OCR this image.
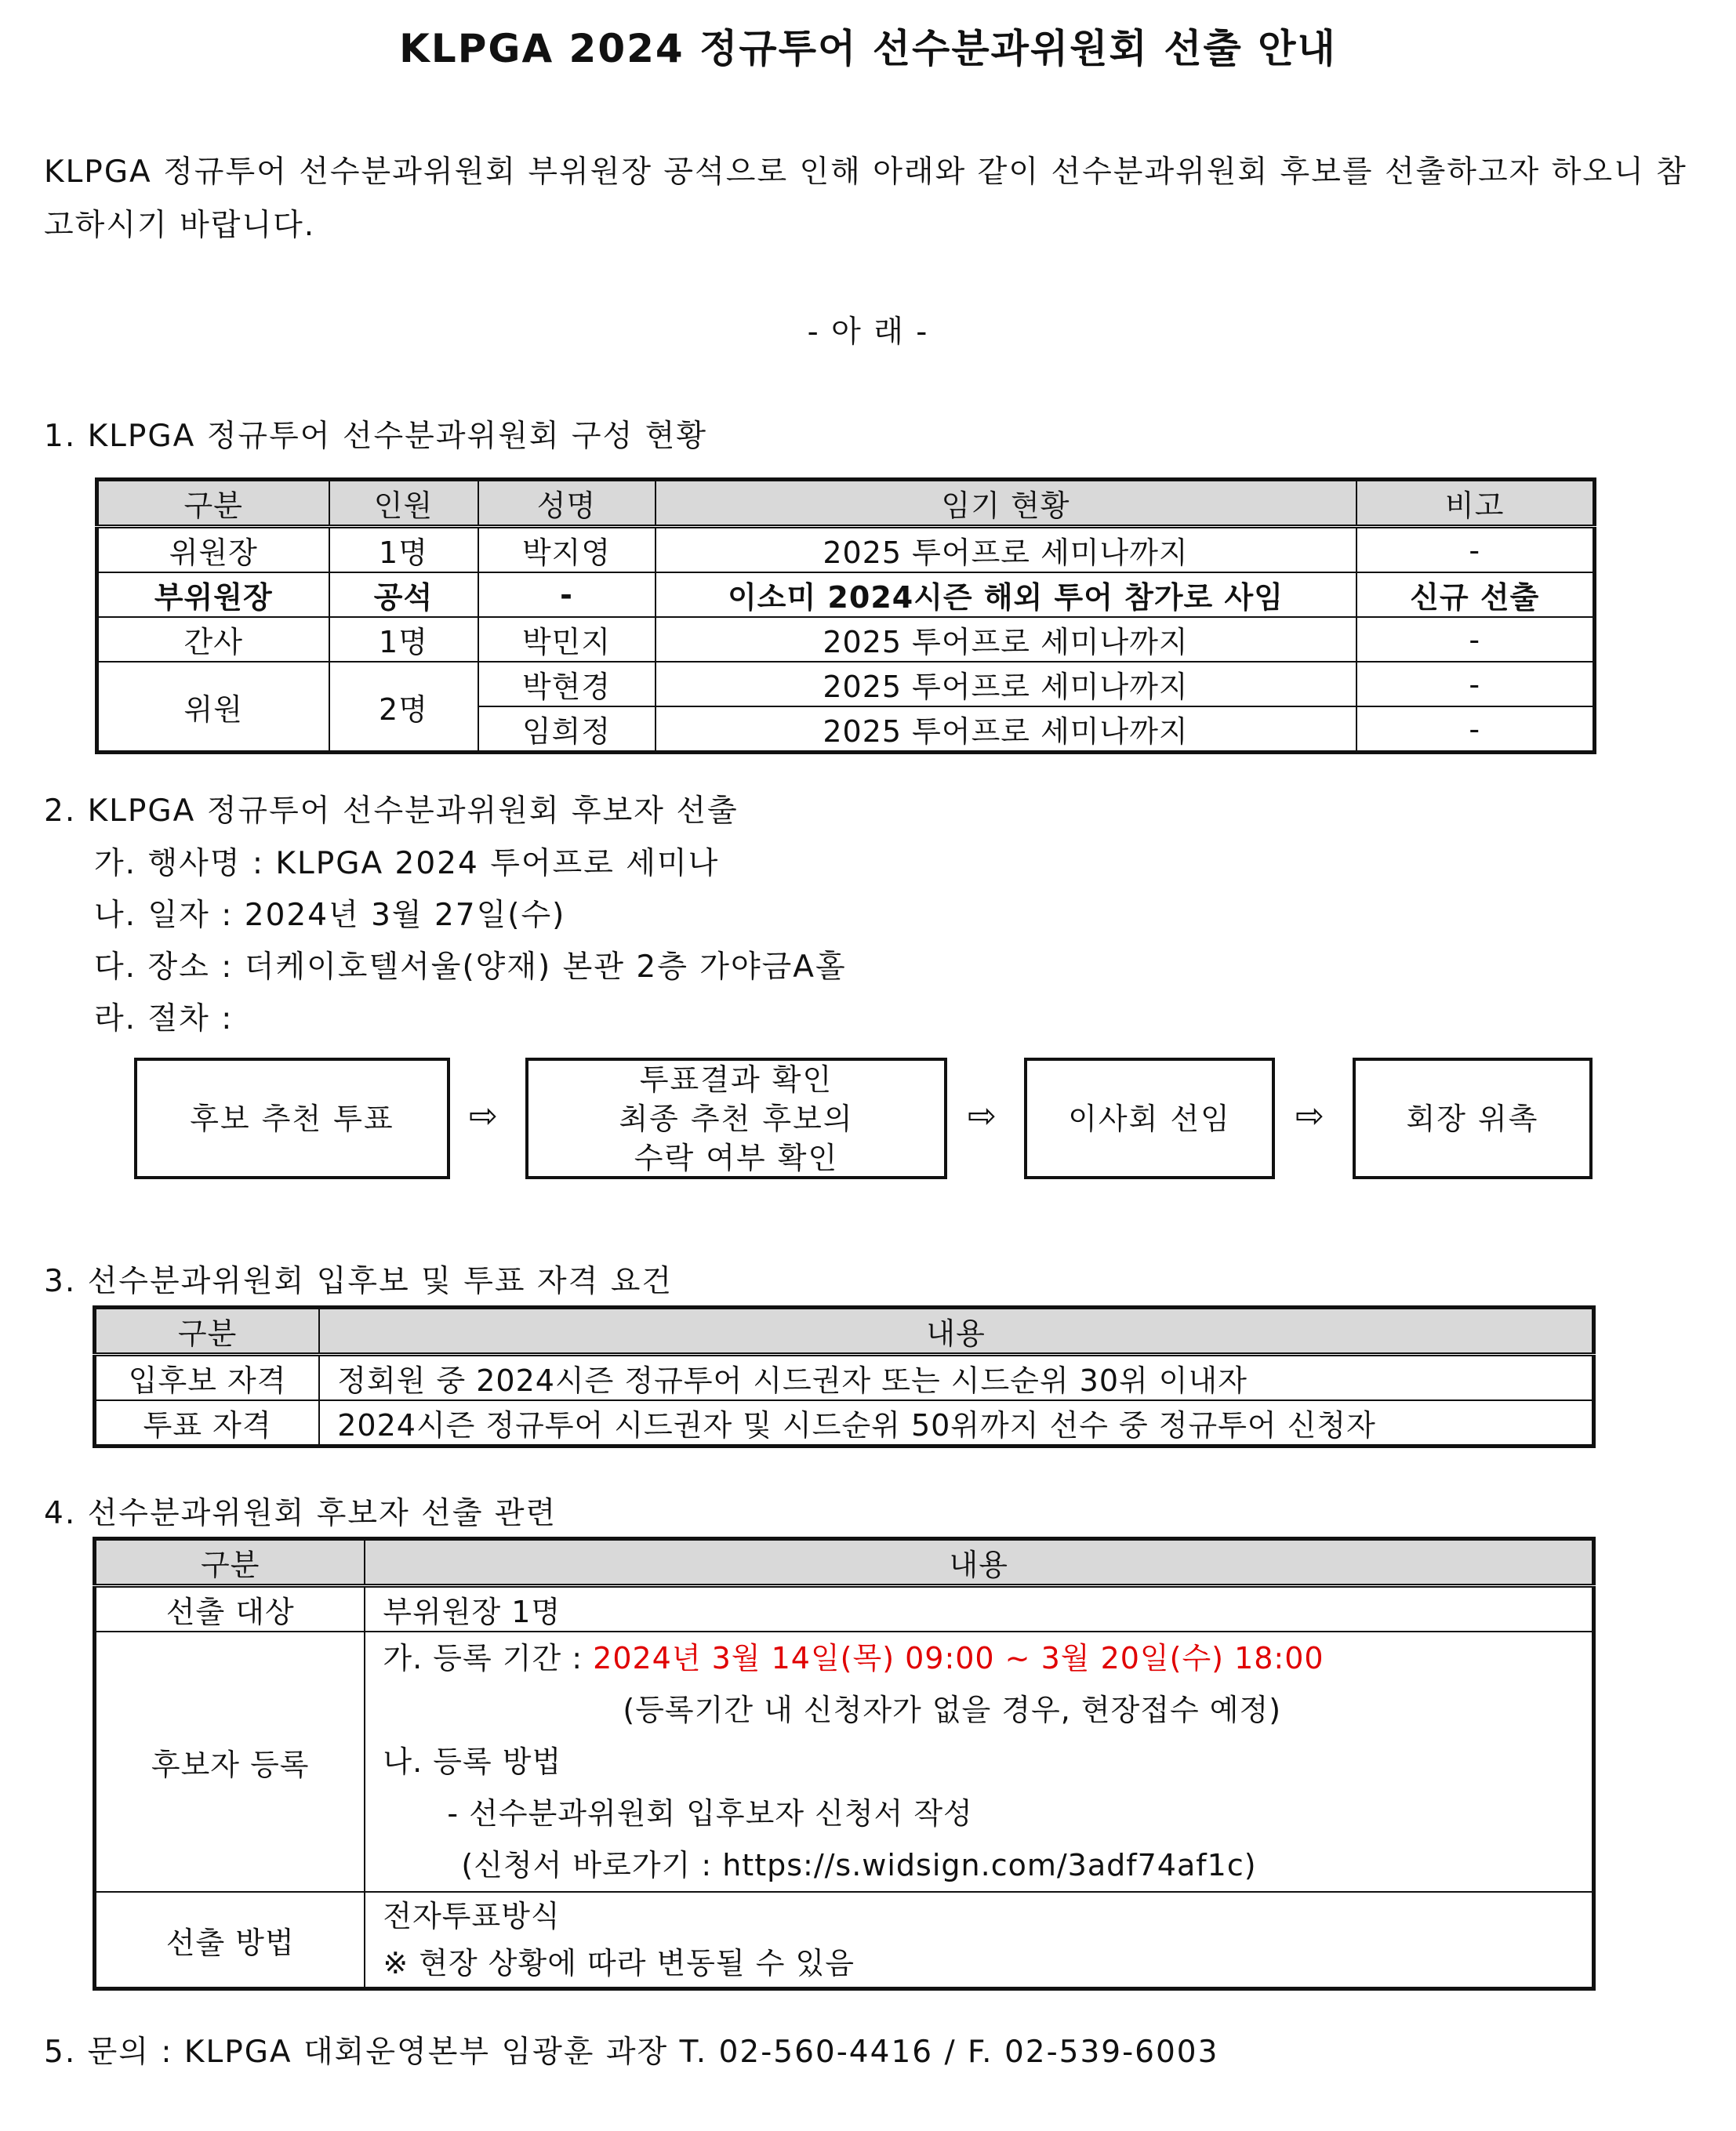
KLPGA 2024 정규투어 선수분과위원회 선출 안내
KLPGA 정규투어 선수분과위원회 부위원장 공석으로 인해 아래와 같이 선수분과위원회 후보를 선출하고자 하오니 참고하시기 바랍니다.
- 아 래 -
1. KLPGA 정규투어 선수분과위원회 구성 현황
구분	인원	성명	임기 현황	비고
위원장	1명	박지영	2025 투어프로 세미나까지	-
부위원장	공석	-	이소미 2024시즌 해외 투어 참가로 사임	신규 선출
간사	1명	박민지	2025 투어프로 세미나까지	-
위원	2명	박현경	2025 투어프로 세미나까지	-
		임희정	2025 투어프로 세미나까지	-
2. KLPGA 정규투어 선수분과위원회 후보자 선출
가. 행사명 : KLPGA 2024 투어프로 세미나
나. 일자 : 2024년 3월 27일(수)
다. 장소 : 더케이호텔서울(양재) 본관 2층 가야금A홀
라. 절차 :
후보 추천 투표 ⇨
투표결과 확인
최종 추천 후보의
수락 여부 확인
⇨ 이사회 선임 ⇨	회장 위촉
3. 선수분과위원회 입후보 및 투표 자격 요건
구분	내용
입후보 자격	정회원 중 2024시즌 정규투어 시드권자 또는 시드순위 30위 이내자
투표 자격	2024시즌 정규투어 시드권자 및 시드순위 50위까지 선수 중 정규투어 신청자
4. 선수분과위원회 후보자 선출 관련
구분	내용
선출 대상	부위원장 1명
후보자 등록	가. 등록 기간 : 2024년 3월 14일(목) 09:00 ~ 3월 20일(수) 18:00
(등록기간 내 신청자가 없을 경우, 현장접수 예정)
나. 등록 방법
- 선수분과위원회 입후보자 신청서 작성
(신청서 바로가기 : https://s.widsign.com/3adf74af1c)

선출 방법	전자투표방식
※ 현장 상황에 따라 변동될 수 있음
5. 문의 : KLPGA 대회운영본부 임광훈 과장 T. 02-560-4416 / F. 02-539-6003
